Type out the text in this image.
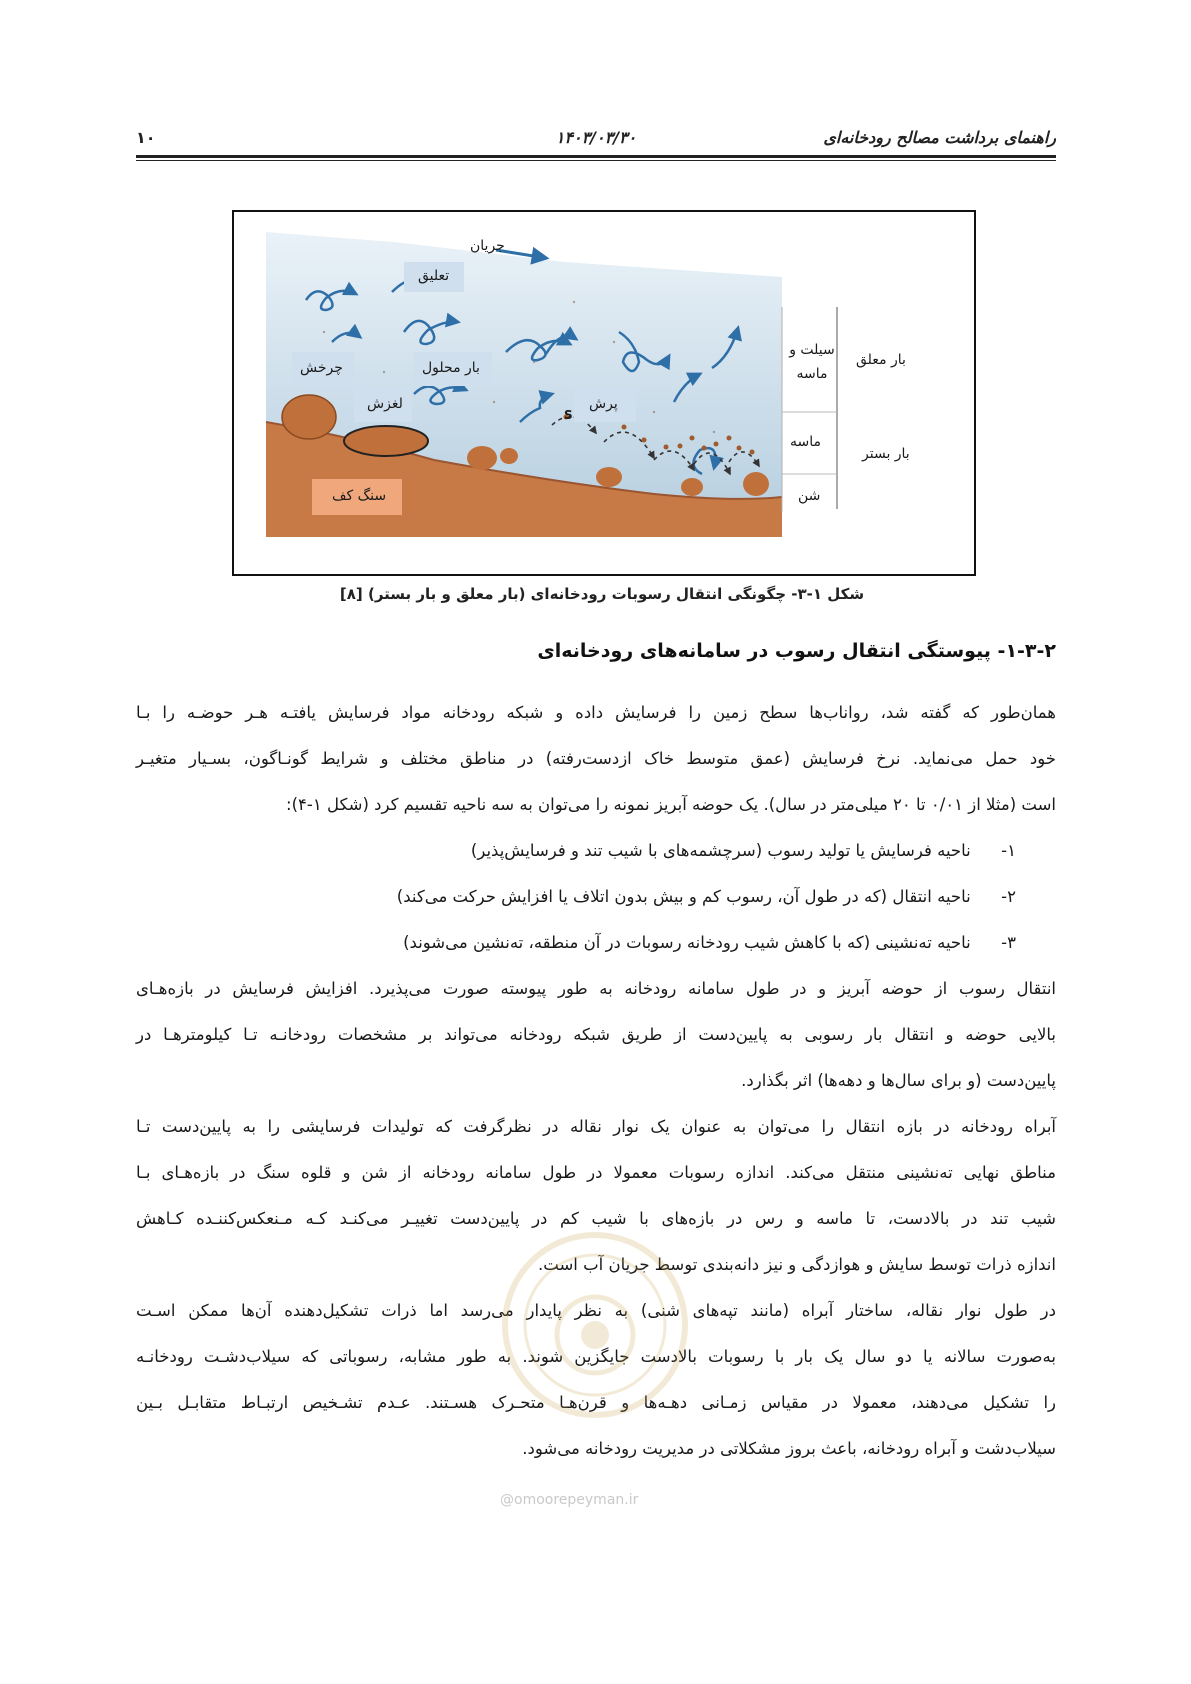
راهنمای برداشت مصالح رودخانه‌ای
۱۴۰۳/۰۳/۳۰
۱۰
جریان
تعلیق
چرخش	بار محلول
لغزش	پرش
S
سنگ کف
سیلت و ماسه
ماسه
شن
بار معلق
بار بستر
شکل ۱-۳- چگونگی انتقال رسوبات رودخانه‌ای (بار معلق و بار بستر) [۸]
۱-۳-۲- پیوستگی انتقال رسوب در سامانه‌های رودخانه‌ای
همان‌طور که گفته شد، رواناب‌ها سطح زمین را فرسایش داده و شبکه رودخانه مواد فرسایش یافتـه هـر حوضـه را بـا
خود حمل می‌نماید. نرخ فرسایش (عمق متوسط خاک ازدست‌رفته) در مناطق مختلف و شرایط گونـاگون، بسـیار متغیـر
است (مثلا از ۰/۰۱ تا ۲۰ میلی‌متر در سال). یک حوضه آبریز نمونه را می‌توان به سه ناحیه تقسیم کرد (شکل ۱-۴):
۱- ناحیه فرسایش یا تولید رسوب (سرچشمه‌های با شیب تند و فرسایش‌پذیر)
۲- ناحیه انتقال (که در طول آن، رسوب کم و بیش بدون اتلاف یا افزایش حرکت می‌کند)
۳- ناحیه ته‌نشینی (که با کاهش شیب رودخانه رسوبات در آن منطقه، ته‌نشین می‌شوند)
انتقال رسوب از حوضه آبریز و در طول سامانه رودخانه به طور پیوسته صورت می‌پذیرد. افزایش فرسایش در بازه‌هـای
بالایی حوضه و انتقال بار رسوبی به پایین‌دست از طریق شبکه رودخانه می‌تواند بر مشخصات رودخانـه تـا کیلومترهـا در
پایین‌دست (و برای سال‌ها و دهه‌ها) اثر بگذارد.
آبراه رودخانه در بازه انتقال را می‌توان به عنوان یک نوار نقاله در نظرگرفت که تولیدات فرسایشی را به پایین‌دست تـا
مناطق نهایی ته‌نشینی منتقل می‌کند. اندازه رسوبات معمولا در طول سامانه رودخانه از شن و قلوه سنگ در بازه‌هـای بـا
شیب تند در بالادست، تا ماسه و رس در بازه‌های با شیب کم در پایین‌دست تغییـر می‌کنـد کـه مـنعکس‌کننـده کـاهش
اندازه ذرات توسط سایش و هوازدگی و نیز دانه‌بندی توسط جریان آب است.
در طول نوار نقاله، ساختار آبراه (مانند تپه‌های شنی) به نظر پایدار می‌رسد اما ذرات تشکیل‌دهنده آن‌ها ممکن اسـت
به‌صورت سالانه یا دو سال یک بار با رسوبات بالادست جایگزین شوند. به طور مشابه، رسوباتی که سیلاب‌دشـت رودخانـه
را تشکیل می‌دهند، معمولا در مقیاس زمـانی دهـه‌ها و قرن‌هـا متحـرک هسـتند. عـدم تشـخیص ارتبـاط متقابـل بـین
سیلاب‌دشت و آبراه رودخانه، باعث بروز مشکلاتی در مدیریت رودخانه می‌شود.
@omoorepeyman.ir
